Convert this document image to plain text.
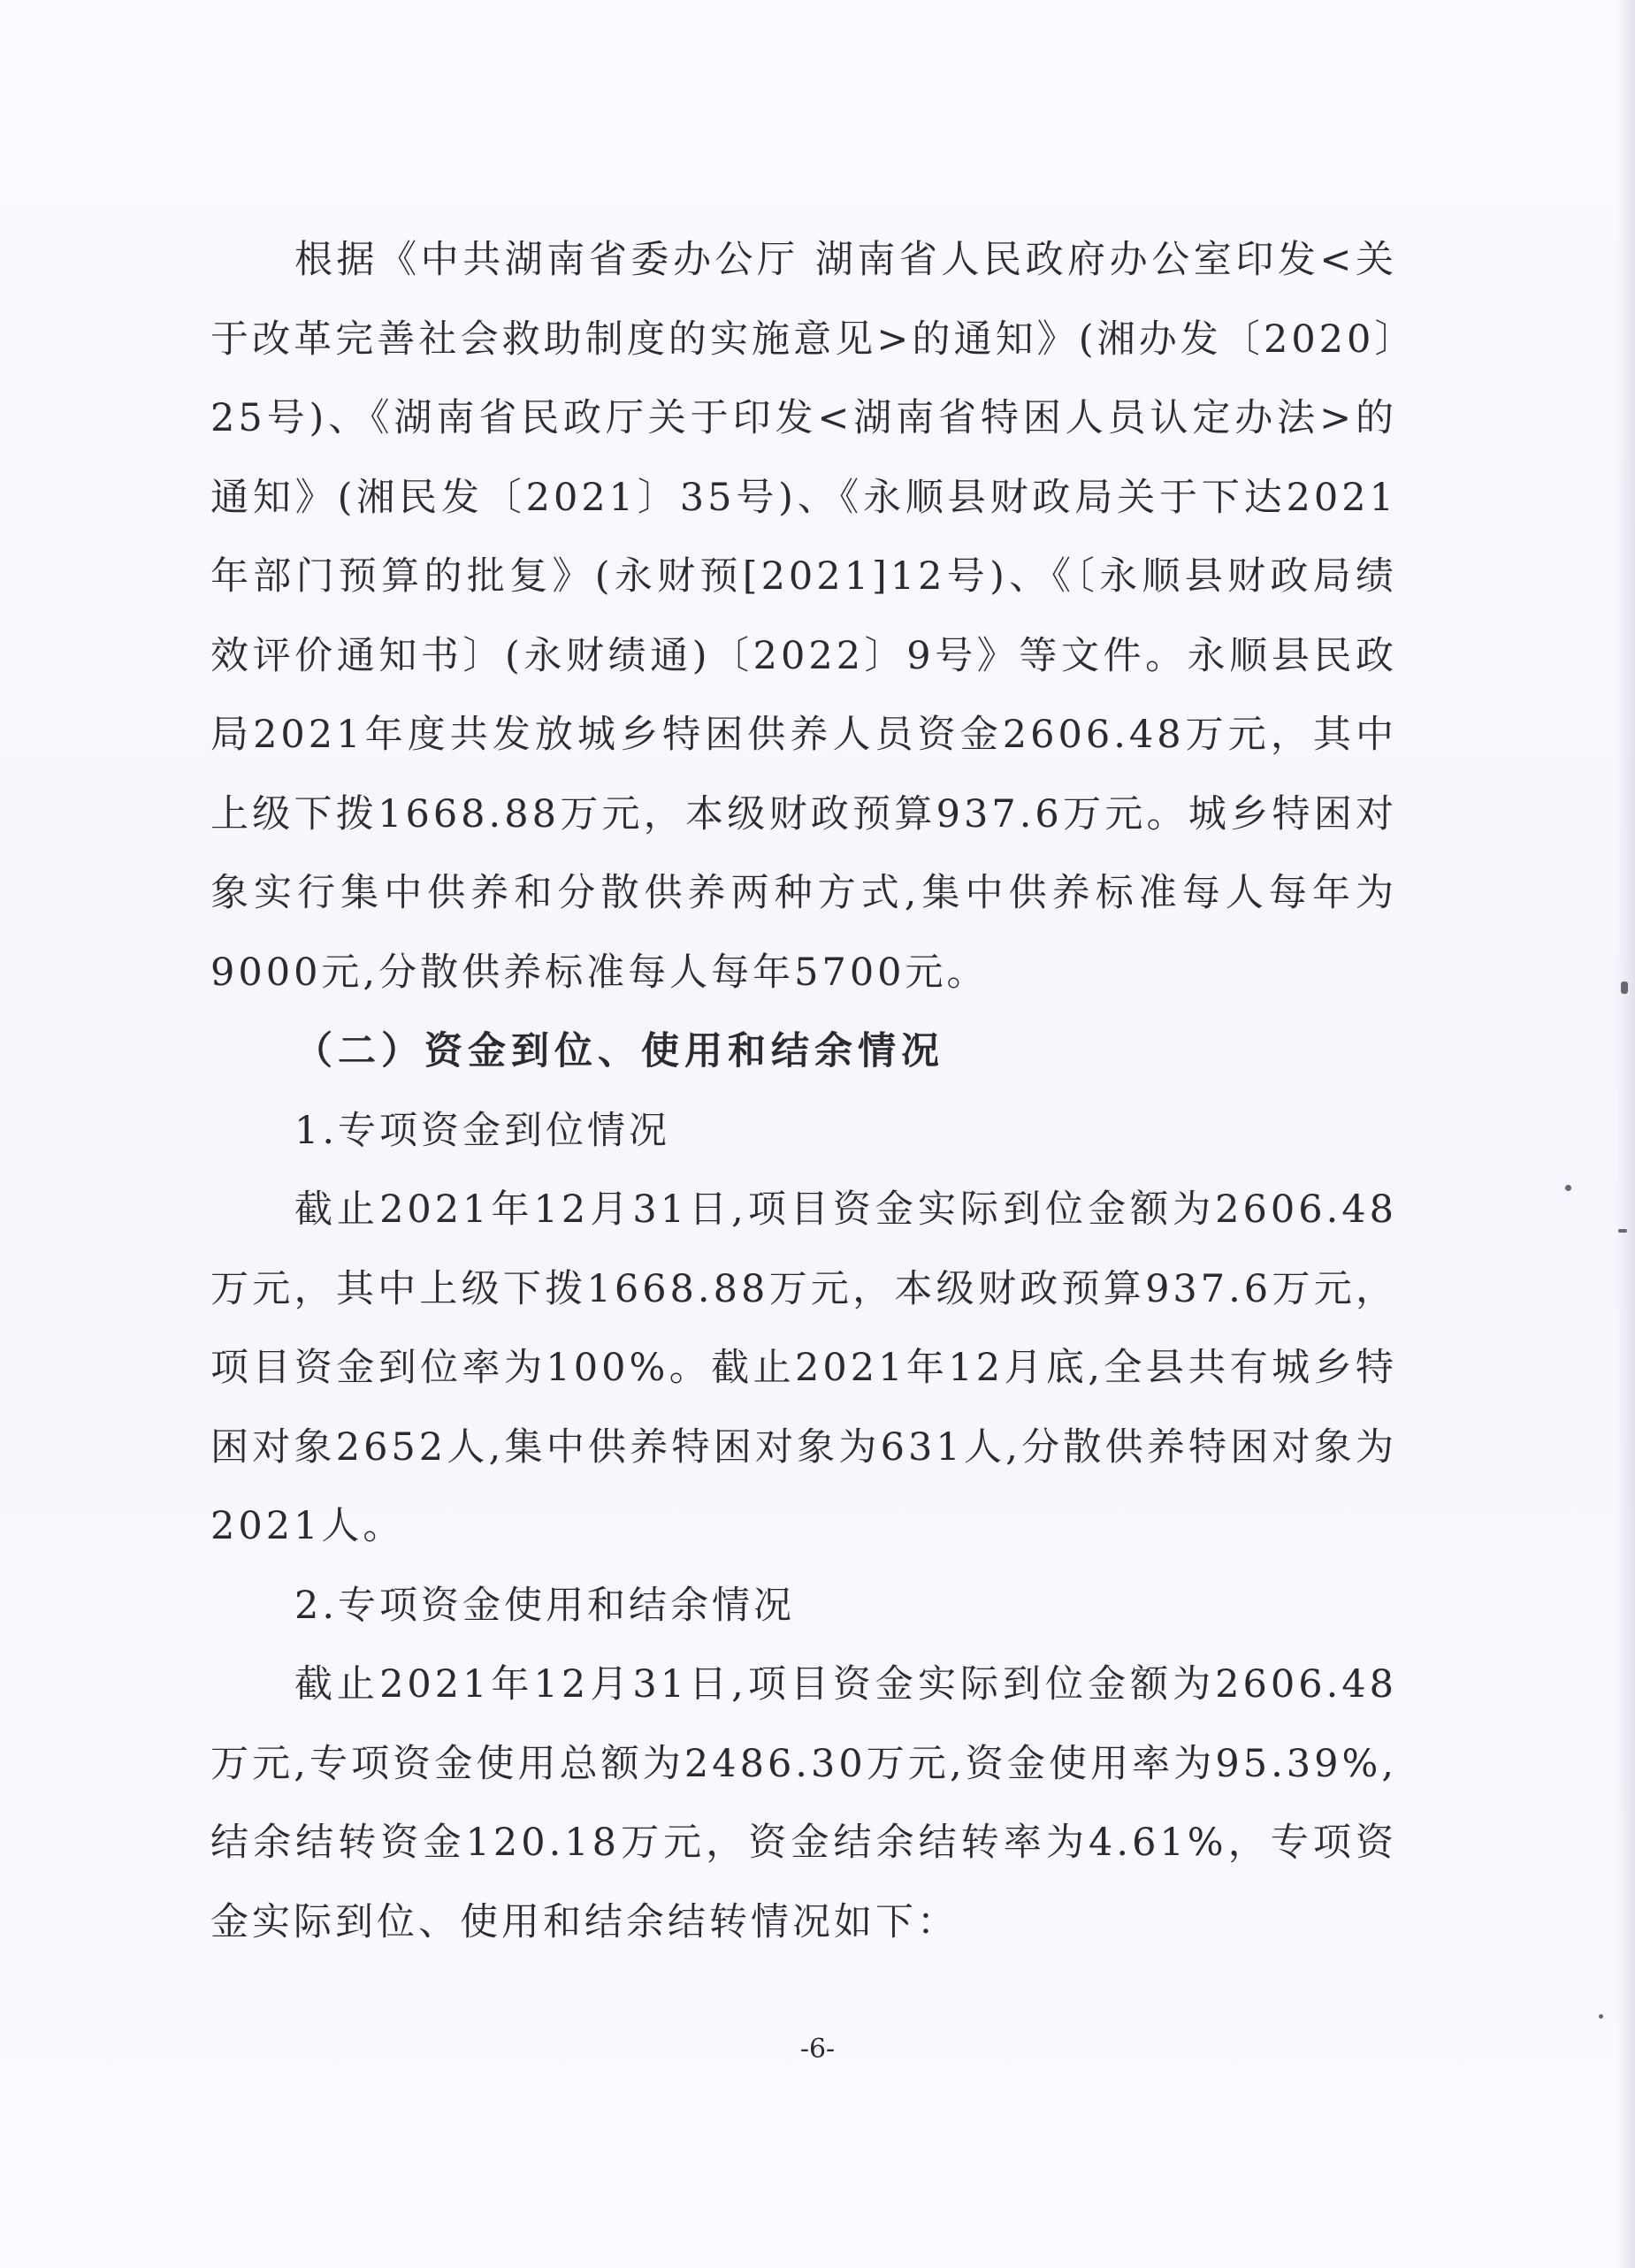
根据《中共湖南省委办公厅 湖南省人民政府办公室印发<关于改革完善社会救助制度的实施意见>的通知》(湘办发〔2020〕25号)、《湖南省民政厅关于印发<湖南省特困人员认定办法>的通知》(湘民发〔2021〕35号)、《永顺县财政局关于下达2021年部门预算的批复》(永财预[2021]12号)、《〔永顺县财政局绩效评价通知书〕(永财绩通)〔2022〕9号》等文件。永顺县民政局2021年度共发放城乡特困供养人员资金2606.48万元，其中上级下拨1668.88万元，本级财政预算937.6万元。城乡特困对象实行集中供养和分散供养两种方式,集中供养标准每人每年为9000元,分散供养标准每人每年5700元。

（二）资金到位、使用和结余情况

1.专项资金到位情况

截止2021年12月31日,项目资金实际到位金额为2606.48万元，其中上级下拨1668.88万元，本级财政预算937.6万元，项目资金到位率为100%。截止2021年12月底,全县共有城乡特困对象2652人,集中供养特困对象为631人,分散供养特困对象为2021人。

2.专项资金使用和结余情况

截止2021年12月31日,项目资金实际到位金额为2606.48万元,专项资金使用总额为2486.30万元,资金使用率为95.39%,结余结转资金120.18万元，资金结余结转率为4.61%，专项资金实际到位、使用和结余结转情况如下：

-6-
